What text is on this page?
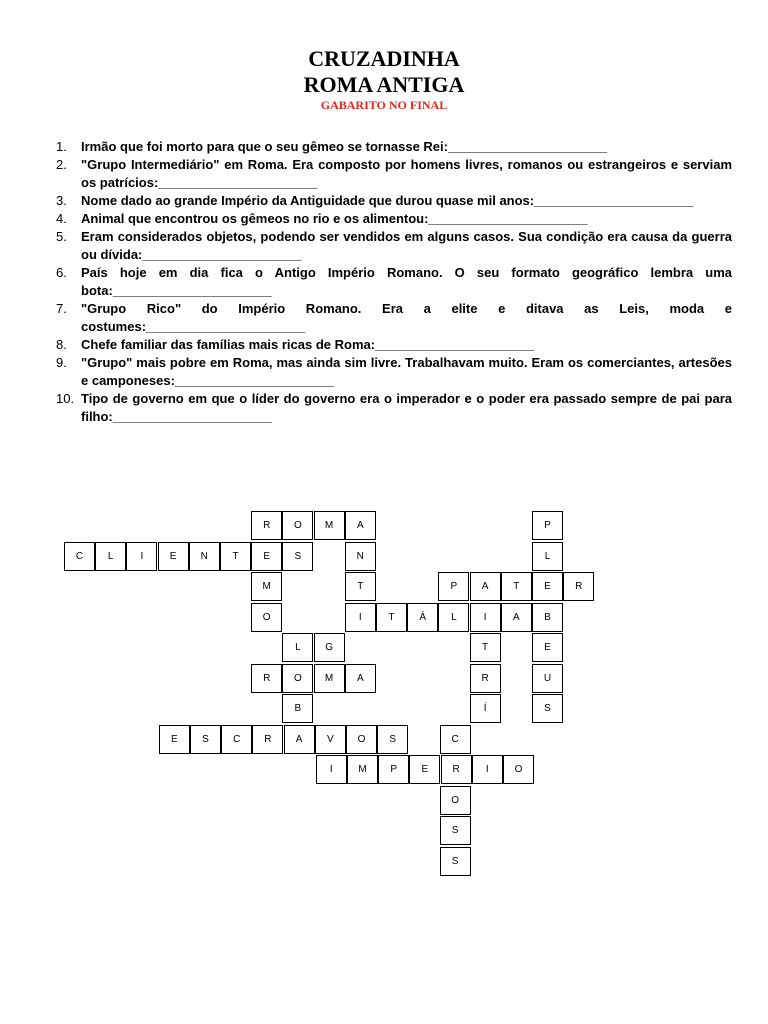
CRUZADINHA
ROMA ANTIGA
GABARITO NO FINAL
1. Irmão que foi morto para que o seu gêmeo se tornasse Rei:______________________
2. "Grupo Intermediário" em Roma. Era composto por homens livres, romanos ou estrangeiros e serviam os patrícios:______________________
3. Nome dado ao grande Império da Antiguidade que durou quase mil anos:______________________
4. Animal que encontrou os gêmeos no rio e os alimentou:______________________
5. Eram considerados objetos, podendo ser vendidos em alguns casos. Sua condição era causa da guerra ou dívida:______________________
6. País hoje em dia fica o Antigo Império Romano. O seu formato geográfico lembra uma bota:______________________
7. "Grupo Rico" do Império Romano. Era a elite e ditava as Leis, moda e costumes:______________________
8. Chefe familiar das famílias mais ricas de Roma:______________________
9. "Grupo" mais pobre em Roma, mas ainda sim livre. Trabalhavam muito. Eram os comerciantes, artesões e camponeses:______________________
10. Tipo de governo em que o líder do governo era o imperador e o poder era passado sempre de pai para filho:______________________
R	O	M	A	P
C	L	I	E	N	T	E	S	N	L
M	T	P	A	T	E	R
O	I	T	Á	L	I	A	B
L	G	T	E
R	O	M	A	R	U
B	Í	S
E	S	C	R	A	V	O	S	C
I	M	P	E	R	I	O
O
S
S
